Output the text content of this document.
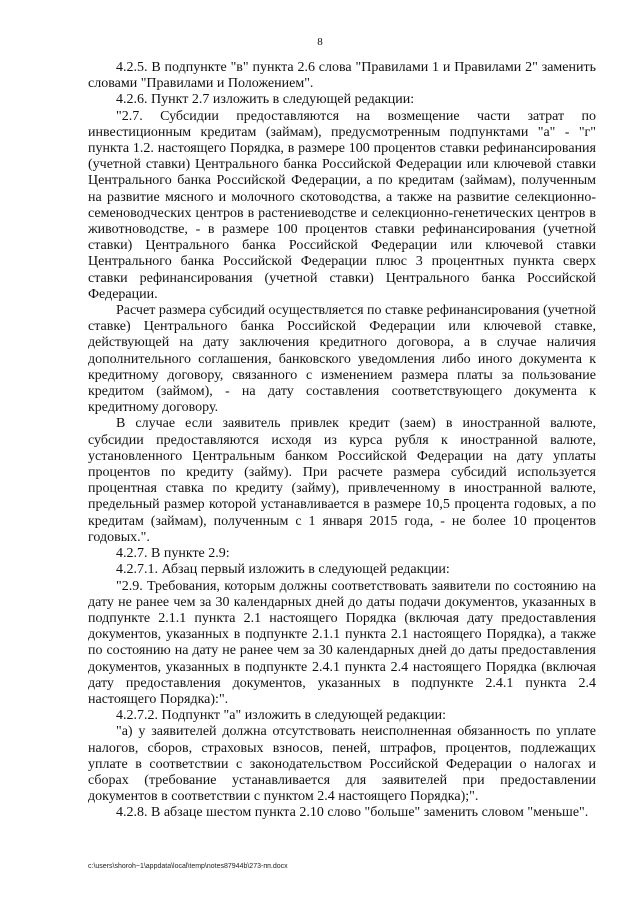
8

4.2.5. В подпункте "в" пункта 2.6 слова "Правилами 1 и Правилами 2" заменить словами "Правилами и Положением".

4.2.6. Пункт 2.7 изложить в следующей редакции:

"2.7. Субсидии предоставляются на возмещение части затрат по инвестиционным кредитам (займам), предусмотренным подпунктами "а" - "г" пункта 1.2. настоящего Порядка, в размере 100 процентов ставки рефинансирования (учетной ставки) Центрального банка Российской Федерации или ключевой ставки Центрального банка Российской Федерации, а по кредитам (займам), полученным на развитие мясного и молочного скотоводства, а также на развитие селекционно-семеноводческих центров в растениеводстве и селекционно-генетических центров в животноводстве, - в размере 100 процентов ставки рефинансирования (учетной ставки) Центрального банка Российской Федерации или ключевой ставки Центрального банка Российской Федерации плюс 3 процентных пункта сверх ставки рефинансирования (учетной ставки) Центрального банка Российской Федерации.

Расчет размера субсидий осуществляется по ставке рефинансирования (учетной ставке) Центрального банка Российской Федерации или ключевой ставке, действующей на дату заключения кредитного договора, а в случае наличия дополнительного соглашения, банковского уведомления либо иного документа к кредитному договору, связанного с изменением размера платы за пользование кредитом (займом), - на дату составления соответствующего документа к кредитному договору.

В случае если заявитель привлек кредит (заем) в иностранной валюте, субсидии предоставляются исходя из курса рубля к иностранной валюте, установленного Центральным банком Российской Федерации на дату уплаты процентов по кредиту (займу). При расчете размера субсидий используется процентная ставка по кредиту (займу), привлеченному в иностранной валюте, предельный размер которой устанавливается в размере 10,5 процента годовых, а по кредитам (займам), полученным с 1 января 2015 года, - не более 10 процентов годовых.".

4.2.7. В пункте 2.9:

4.2.7.1. Абзац первый изложить в следующей редакции:

"2.9. Требования, которым должны соответствовать заявители по состоянию на дату не ранее чем за 30 календарных дней до даты подачи документов, указанных в подпункте 2.1.1 пункта 2.1 настоящего Порядка (включая дату предоставления документов, указанных в подпункте 2.1.1 пункта 2.1 настоящего Порядка), а также по состоянию на дату не ранее чем за 30 календарных дней до даты предоставления документов, указанных в подпункте 2.4.1 пункта 2.4 настоящего Порядка (включая дату предоставления документов, указанных в подпункте 2.4.1 пункта 2.4 настоящего Порядка):".

4.2.7.2. Подпункт "а" изложить в следующей редакции:

"а) у заявителей должна отсутствовать неисполненная обязанность по уплате налогов, сборов, страховых взносов, пеней, штрафов, процентов, подлежащих уплате в соответствии с законодательством Российской Федерации о налогах и сборах (требование устанавливается для заявителей при предоставлении документов в соответствии с пунктом 2.4 настоящего Порядка);".

4.2.8. В абзаце шестом пункта 2.10 слово "больше" заменить словом "меньше".

c:\users\shoroh~1\appdata\local\temp\notes87944b\273-пп.docx
